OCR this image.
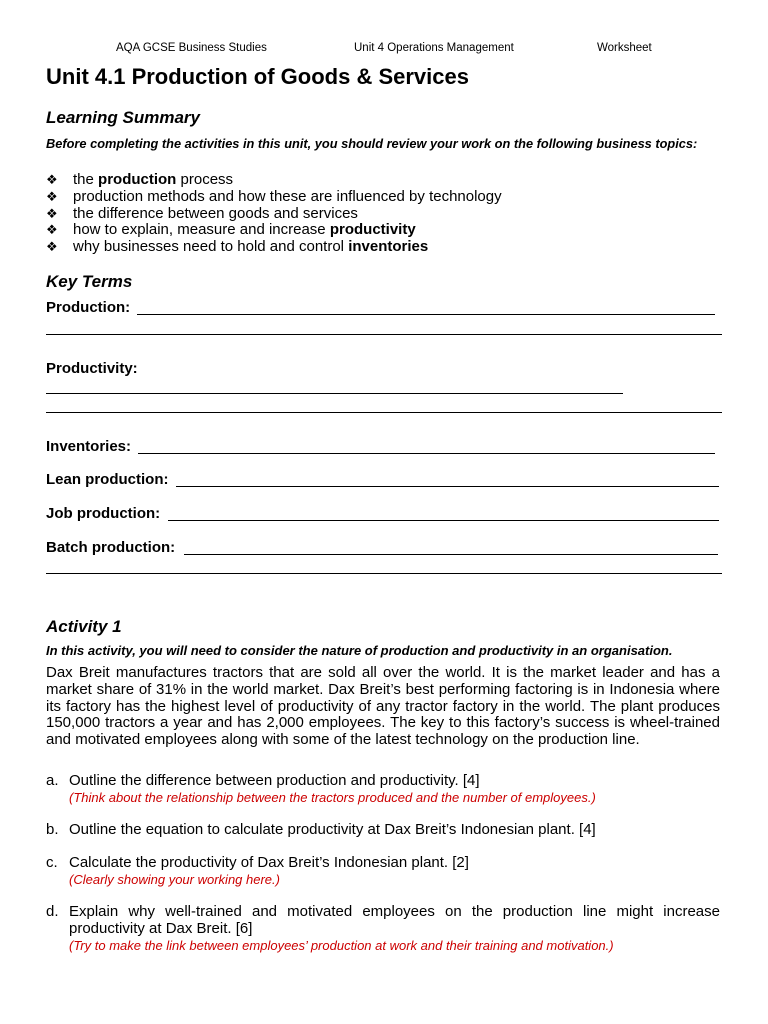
AQA GCSE Business Studies	Unit 4 Operations Management	Worksheet
Unit 4.1 Production of Goods & Services
Learning Summary

Before completing the activities in this unit, you should review your work on the following business topics:

❖ the production process
❖ production methods and how these are influenced by technology
❖ the difference between goods and services
❖ how to explain, measure and increase productivity
❖ why businesses need to hold and control inventories
Key Terms
Production:
Productivity:
Inventories:
Lean production:
Job production:
Batch production:
Activity 1

In this activity, you will need to consider the nature of production and productivity in an organisation.

Dax Breit manufactures tractors that are sold all over the world. It is the market leader and has a market share of 31% in the world market. Dax Breit’s best performing factoring is in Indonesia where its factory has the highest level of productivity of any tractor factory in the world. The plant produces 150,000 tractors a year and has 2,000 employees. The key to this factory’s success is wheel-trained and motivated employees along with some of the latest technology on the production line.

a. Outline the difference between production and productivity. [4]
(Think about the relationship between the tractors produced and the number of employees.)
b. Outline the equation to calculate productivity at Dax Breit’s Indonesian plant. [4]
c. Calculate the productivity of Dax Breit’s Indonesian plant. [2]
(Clearly showing your working here.)
d. Explain why well-trained and motivated employees on the production line might increase productivity at Dax Breit. [6]
(Try to make the link between employees’ production at work and their training and motivation.)
